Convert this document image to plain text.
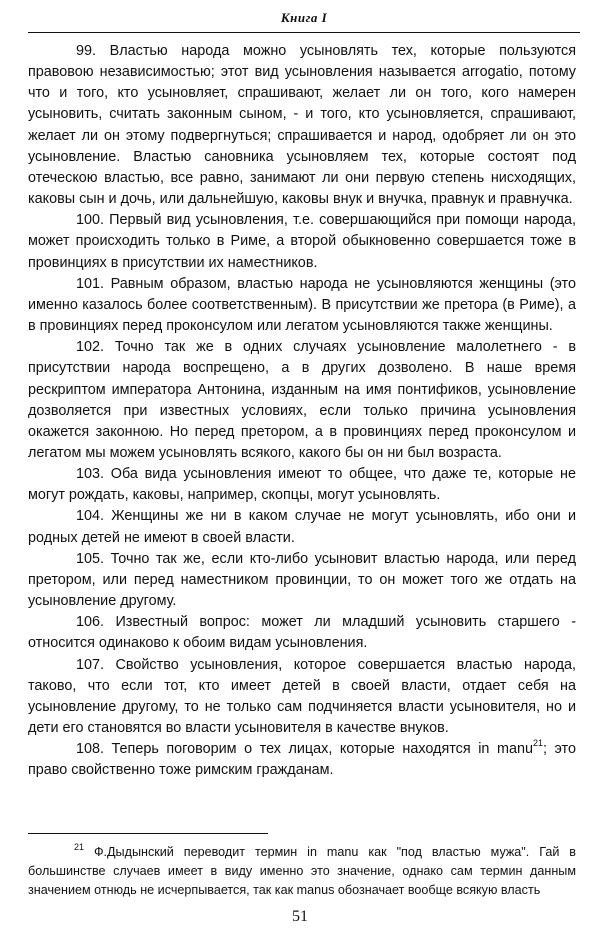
Книга I

99. Властью народа можно усыновлять тех, которые пользуются правовою независимостью; этот вид усыновления называется arrogatio, потому что и того, кто усыновляет, спрашивают, желает ли он того, кого намерен усыновить, считать законным сыном, - и того, кто усыновляется, спрашивают, желает ли он этому подвергнуться; спрашивается и народ, одобряет ли он это усыновление. Властью сановника усыновляем тех, которые состоят под отеческою властью, все равно, занимают ли они первую степень нисходящих, каковы сын и дочь, или дальнейшую, каковы внук и внучка, правнук и правнучка.

100. Первый вид усыновления, т.е. совершающийся при помощи народа, может происходить только в Риме, а второй обыкновенно совершается тоже в провинциях в присутствии их наместников.

101. Равным образом, властью народа не усыновляются женщины (это именно казалось более соответственным). В присутствии же претора (в Риме), а в провинциях перед проконсулом или легатом усыновляются также женщины.

102. Точно так же в одних случаях усыновление малолетнего - в присутствии народа воспрещено, а в других дозволено. В наше время рескриптом императора Антонина, изданным на имя понтификов, усыновление дозволяется при известных условиях, если только причина усыновления окажется законною. Но перед претором, а в провинциях перед проконсулом и легатом мы можем усыновлять всякого, какого бы он ни был возраста.

103. Оба вида усыновления имеют то общее, что даже те, которые не могут рождать, каковы, например, скопцы, могут усыновлять.

104. Женщины же ни в каком случае не могут усыновлять, ибо они и родных детей не имеют в своей власти.

105. Точно так же, если кто-либо усыновит властью народа, или перед претором, или перед наместником провинции, то он может того же отдать на усыновление другому.

106. Известный вопрос: может ли младший усыновить старшего - относится одинаково к обоим видам усыновления.

107. Свойство усыновления, которое совершается властью народа, таково, что если тот, кто имеет детей в своей власти, отдает себя на усыновление другому, то не только сам подчиняется власти усыновителя, но и дети его становятся во власти усыновителя в качестве внуков.

108. Теперь поговорим о тех лицах, которые находятся in manu$^{21}$; это право свойственно тоже римским гражданам.

$^{21}$ Ф.Дыдынский переводит термин in manu как "под властью мужа". Гай в большинстве случаев имеет в виду именно это значение, однако сам термин данным значением отнюдь не исчерпывается, так как manus обозначает вообще всякую власть

51
